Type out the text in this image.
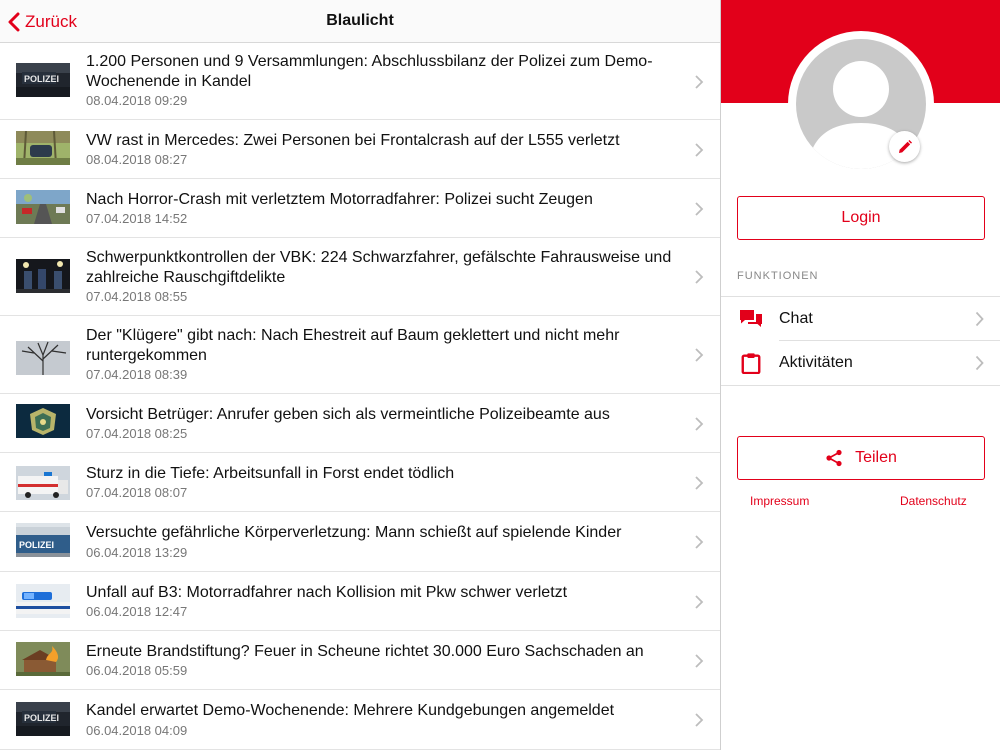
Zurück	Blaulicht
POLIZEI
1.200 Personen und 9 Versammlungen: Abschlussbilanz der Polizei zum Demo-Wochenende in Kandel
08.04.2018 09:29
VW rast in Mercedes: Zwei Personen bei Frontalcrash auf der L555 verletzt
08.04.2018 08:27
Nach Horror-Crash mit verletztem Motorradfahrer: Polizei sucht Zeugen
07.04.2018 14:52
Schwerpunktkontrollen der VBK: 224 Schwarzfahrer, gefälschte Fahrausweise und zahlreiche Rauschgiftdelikte
07.04.2018 08:55
Der "Klügere" gibt nach: Nach Ehestreit auf Baum geklettert und nicht mehr runtergekommen
07.04.2018 08:39
Vorsicht Betrüger: Anrufer geben sich als vermeintliche Polizeibeamte aus
07.04.2018 08:25
Sturz in die Tiefe: Arbeitsunfall in Forst endet tödlich
07.04.2018 08:07
POLIZEI
Versuchte gefährliche Körperverletzung: Mann schießt auf spielende Kinder
06.04.2018 13:29
Unfall auf B3: Motorradfahrer nach Kollision mit Pkw schwer verletzt
06.04.2018 12:47
Erneute Brandstiftung? Feuer in Scheune richtet 30.000 Euro Sachschaden an
06.04.2018 05:59
POLIZEI Kandel erwartet Demo-Wochenende: Mehrere Kundgebungen angemeldet
06.04.2018 04:09
Login
FUNKTIONEN
Chat
Aktivitäten
Teilen
Impressum	Datenschutz
